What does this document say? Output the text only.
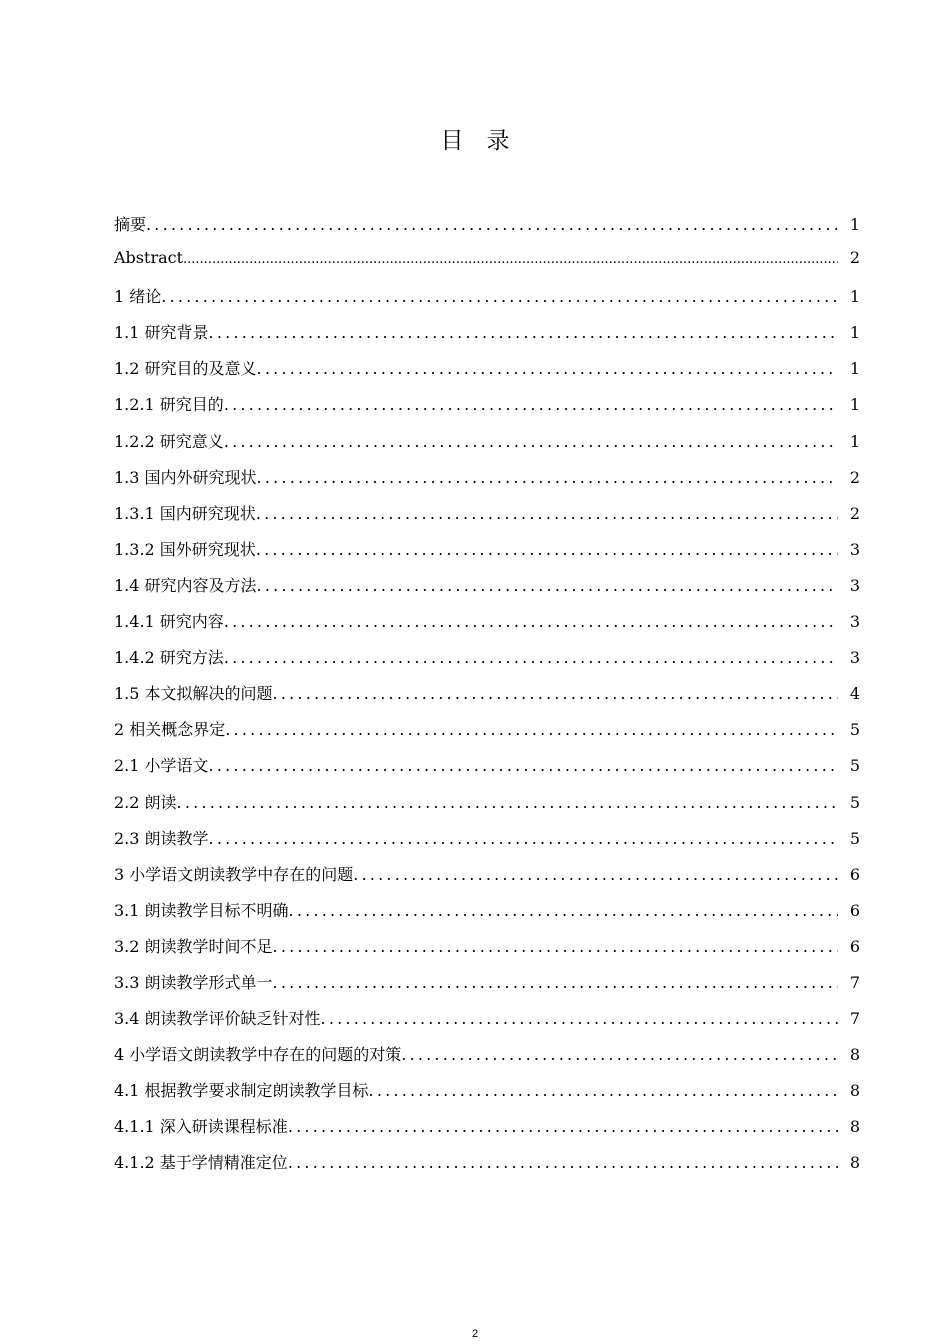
目　录
摘要 .....	1
Abstract .....	2
1 绪论 .....	1
1.1 研究背景 .....	1
1.2 研究目的及意义 .....	1
1.2.1 研究目的 .....	1
1.2.2 研究意义 .....	1
1.3 国内外研究现状 .....	2
1.3.1 国内研究现状 .....	2
1.3.2 国外研究现状 .....	3
1.4 研究内容及方法 .....	3
1.4.1 研究内容 .....	3
1.4.2 研究方法 .....	3
1.5 本文拟解决的问题 .....	4
2 相关概念界定 .....	5
2.1 小学语文 .....	5
2.2 朗读 .....	5
2.3 朗读教学 .....	5
3 小学语文朗读教学中存在的问题 .....	6
3.1 朗读教学目标不明确 .....	6
3.2 朗读教学时间不足 .....	6
3.3 朗读教学形式单一 .....	7
3.4 朗读教学评价缺乏针对性 .....	7
4 小学语文朗读教学中存在的问题的对策 .....	8
4.1 根据教学要求制定朗读教学目标 .....	8
4.1.1 深入研读课程标准 .....	8
4.1.2 基于学情精准定位 .....	8
2
